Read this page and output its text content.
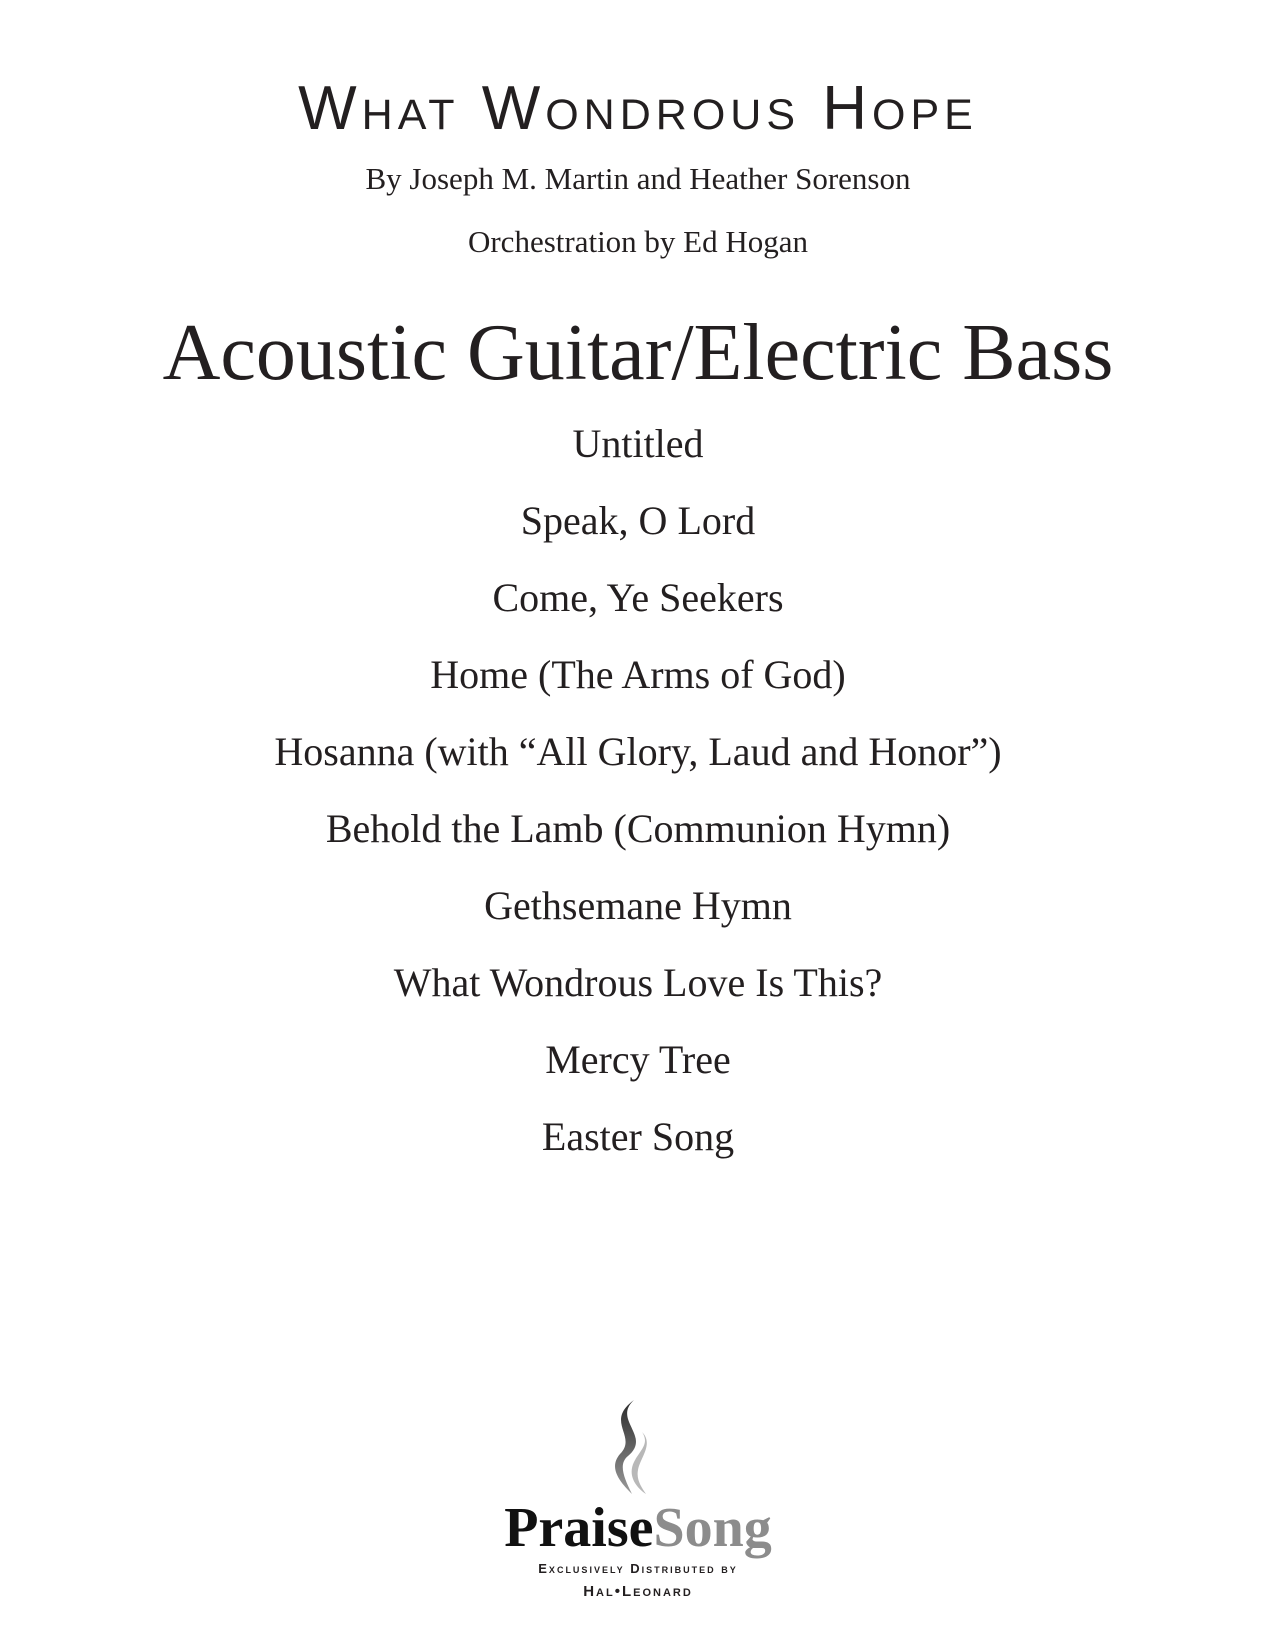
What Wondrous Hope
By Joseph M. Martin and Heather Sorenson
Orchestration by Ed Hogan
Acoustic Guitar/Electric Bass
Untitled
Speak, O Lord
Come, Ye Seekers
Home (The Arms of God)
Hosanna (with “All Glory, Laud and Honor”)
Behold the Lamb (Communion Hymn)
Gethsemane Hymn
What Wondrous Love Is This?
Mercy Tree
Easter Song
PraiseSong
Exclusively Distributed by
Hal•Leonard
